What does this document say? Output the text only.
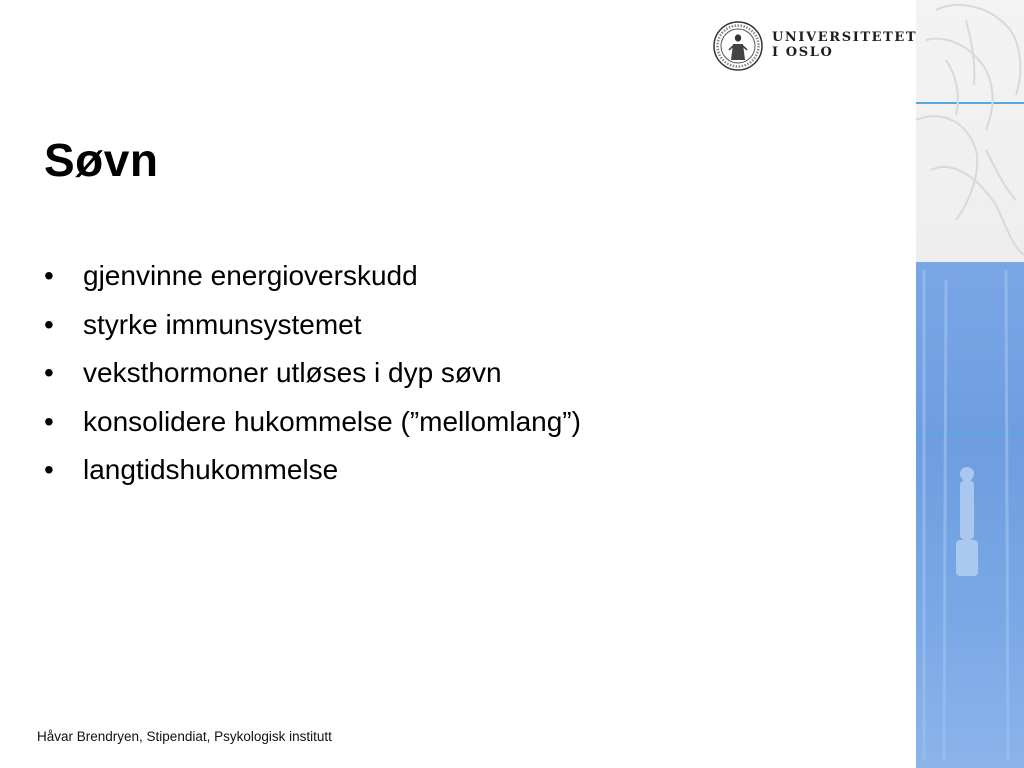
UNIVERSITETET
I OSLO
Søvn
• gjenvinne energioverskudd
• styrke immunsystemet
• veksthormoner utløses i dyp søvn
• konsolidere hukommelse (”mellomlang”)
• langtidshukommelse
Håvar Brendryen, Stipendiat, Psykologisk institutt
